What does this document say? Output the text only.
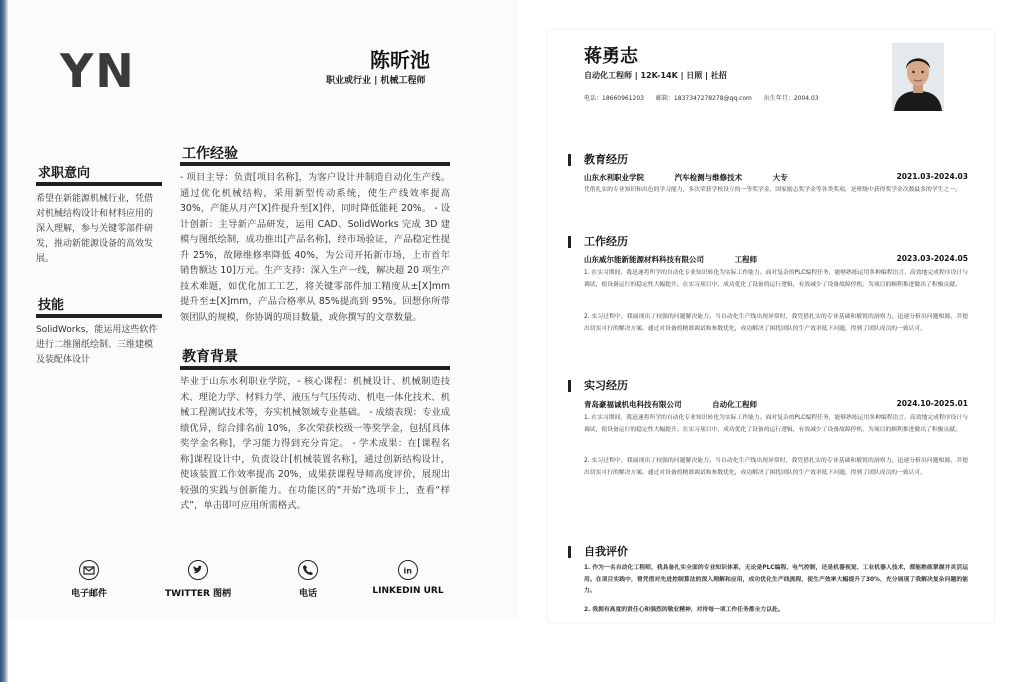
YN	陈昕池
职业或行业 | 机械工程师
求职意向
希望在新能源机械行业，凭借对机械结构设计和材料应用的深入理解，参与关键零部件研发，推动新能源设备的高效发展。
技能
SolidWorks，能运用这些软件进行二维图纸绘制、三维建模及装配体设计
工作经验
- 项目主导：负责[项目名称]，为客户设计并制造自动化生产线。通过优化机械结构，采用新型传动系统，使生产线效率提高 30%，产能从月产[X]件提升至[X]件，同时降低能耗 20%。 - 设计创新：主导新产品研发，运用 CAD、SolidWorks 完成 3D 建模与图纸绘制，成功推出[产品名称]，经市场验证，产品稳定性提升 25%，故障维修率降低 40%，为公司开拓新市场，上市首年销售额达 10]万元。生产支持：深入生产一线，解决超 20 项生产技术难题，如优化加工工艺，将关键零部件加工精度从±[X]mm 提升至±[X]mm，产品合格率从 85%提高到 95%。回想你所带领团队的规模，你协调的项目数量，或你撰写的文章数量。
教育背景
毕业于山东水利职业学院，- 核心课程：机械设计、机械制造技术、理论力学、材料力学、液压与气压传动、机电一体化技术、机械工程测试技术等，夯实机械领域专业基础。 - 成绩表现：专业成绩优异，综合排名前 10%，多次荣获校级一等奖学金，包括[具体奖学金名称]，学习能力得到充分肯定。 - 学术成果：在[课程名称]课程设计中，负责设计[机械装置名称]，通过创新结构设计，使该装置工作效率提高 20%，成果获课程导师高度评价，展现出较强的实践与创新能力。在功能区的“开始”选项卡上，查看“样式”，单击即可应用所需格式。
电子邮件	TWITTER 图柄	电话
in
LINKEDIN URL
蒋勇志
自动化工程师 | 12K-14K | 日照 | 社招
电话：18660961203 邮箱：1837347278278@qq.com 出生年月：2004.03
教育经历
山东水利职业学院	汽车检测与维修技术	大专	2021.03-2024.03
凭借扎实的专业知识和出色的学习能力，多次荣获学校设立的一等奖学金、国家励志奖学金等各类奖项，是班级中获得奖学金次数最多的学生之一。
工作经历
山东威尔能新能源材料科技有限公司	工程师	2023.03-2024.05
1. 在实习期间，我迅速将所学的自动化专业知识转化为实际工作能力。面对复杂的PLC编程任务，能够熟练运用多种编程语言，高效地完成程序设计与调试，使设备运行的稳定性大幅提升。在实习项目中，成功优化了设备的运行逻辑，有效减少了设备故障停机，为项目的顺利推进做出了积极贡献。
2. 实习过程中，我展现出了较强的问题解决能力。当自动化生产线出现异常时，我凭借扎实的专业基础和敏锐的洞察力，迅速分析出问题根源，并提出切实可行的解决方案。通过对设备的精准调试和参数优化，成功解决了困扰团队的生产效率低下问题，得到了团队成员的一致认可。
实习经历
青岛豪福诚机电科技有限公司	自动化工程师	2024.10-2025.01
1. 在实习期间，我迅速将所学的自动化专业知识转化为实际工作能力。面对复杂的PLC编程任务，能够熟练运用多种编程语言，高效地完成程序设计与调试，使设备运行的稳定性大幅提升。在实习项目中，成功优化了设备的运行逻辑，有效减少了设备故障停机，为项目的顺利推进做出了积极贡献。
2. 实习过程中，我展现出了较强的问题解决能力。当自动化生产线出现异常时，我凭借扎实的专业基础和敏锐的洞察力，迅速分析出问题根源，并提出切实可行的解决方案。通过对设备的精准调试和参数优化，成功解决了困扰团队的生产效率低下问题，得到了团队成员的一致认可。
自我评价
1. 作为一名自动化工程师，我具备扎实全面的专业知识体系，无论是PLC编程、电气控制，还是机器视觉、工业机器人技术，都能熟练掌握并灵活运用。在项目实践中，曾凭借对先进控制算法的深入理解和应用，成功优化生产线流程，使生产效率大幅提升了30%，充分展现了我解决复杂问题的能力。
2. 我拥有高度的责任心和强烈的敬业精神，对待每一项工作任务都全力以赴。
